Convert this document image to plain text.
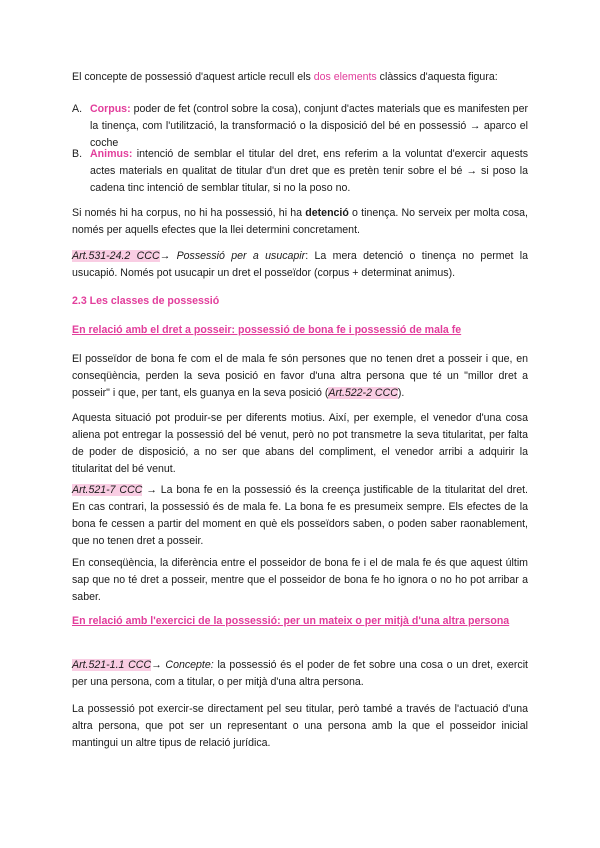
El concepte de possessió d'aquest article recull els dos elements clàssics d'aquesta figura:

A. Corpus: poder de fet (control sobre la cosa), conjunt d'actes materials que es manifesten per la tinença, com l'utilització, la transformació o la disposició del bé en possessió → aparco el coche

B. Animus: intenció de semblar el titular del dret, ens referim a la voluntat d'exercir aquests actes materials en qualitat de titular d'un dret que es pretèn tenir sobre el bé → si poso la cadena tinc intenció de semblar titular, si no la poso no.

Si només hi ha corpus, no hi ha possessió, hi ha detenció o tinença. No serveix per molta cosa, només per aquells efectes que la llei determini concretament.

Art.531-24.2 CCC→ Possessió per a usucapir: La mera detenció o tinença no permet la usucapió. Només pot usucapir un dret el posseïdor (corpus + determinat animus).

2.3 Les classes de possessió

En relació amb el dret a posseir: possessió de bona fe i possessió de mala fe

El posseïdor de bona fe com el de mala fe són persones que no tenen dret a posseir i que, en conseqüència, perden la seva posició en favor d'una altra persona que té un "millor dret a posseir" i que, per tant, els guanya en la seva posició (Art.522-2 CCC).

Aquesta situació pot produir-se per diferents motius. Així, per exemple, el venedor d'una cosa aliena pot entregar la possessió del bé venut, però no pot transmetre la seva titularitat, per falta de poder de disposició, a no ser que abans del compliment, el venedor arribi a adquirir la titularitat del bé venut.

Art.521-7 CCC → La bona fe en la possessió és la creença justificable de la titularitat del dret. En cas contrari, la possessió és de mala fe. La bona fe es presumeix sempre. Els efectes de la bona fe cessen a partir del moment en què els posseïdors saben, o poden saber raonablement, que no tenen dret a posseir.

En conseqüència, la diferència entre el posseidor de bona fe i el de mala fe és que aquest últim sap que no té dret a posseir, mentre que el posseidor de bona fe ho ignora o no ho pot arribar a saber.

En relació amb l'exercici de la possessió: per un mateix o per mitjà d'una altra persona

Art.521-1.1 CCC→ Concepte: la possessió és el poder de fet sobre una cosa o un dret, exercit per una persona, com a titular, o per mitjà d'una altra persona.

La possessió pot exercir-se directament pel seu titular, però també a través de l'actuació d'una altra persona, que pot ser un representant o una persona amb la que el posseidor inicial mantingui un altre tipus de relació jurídica.
